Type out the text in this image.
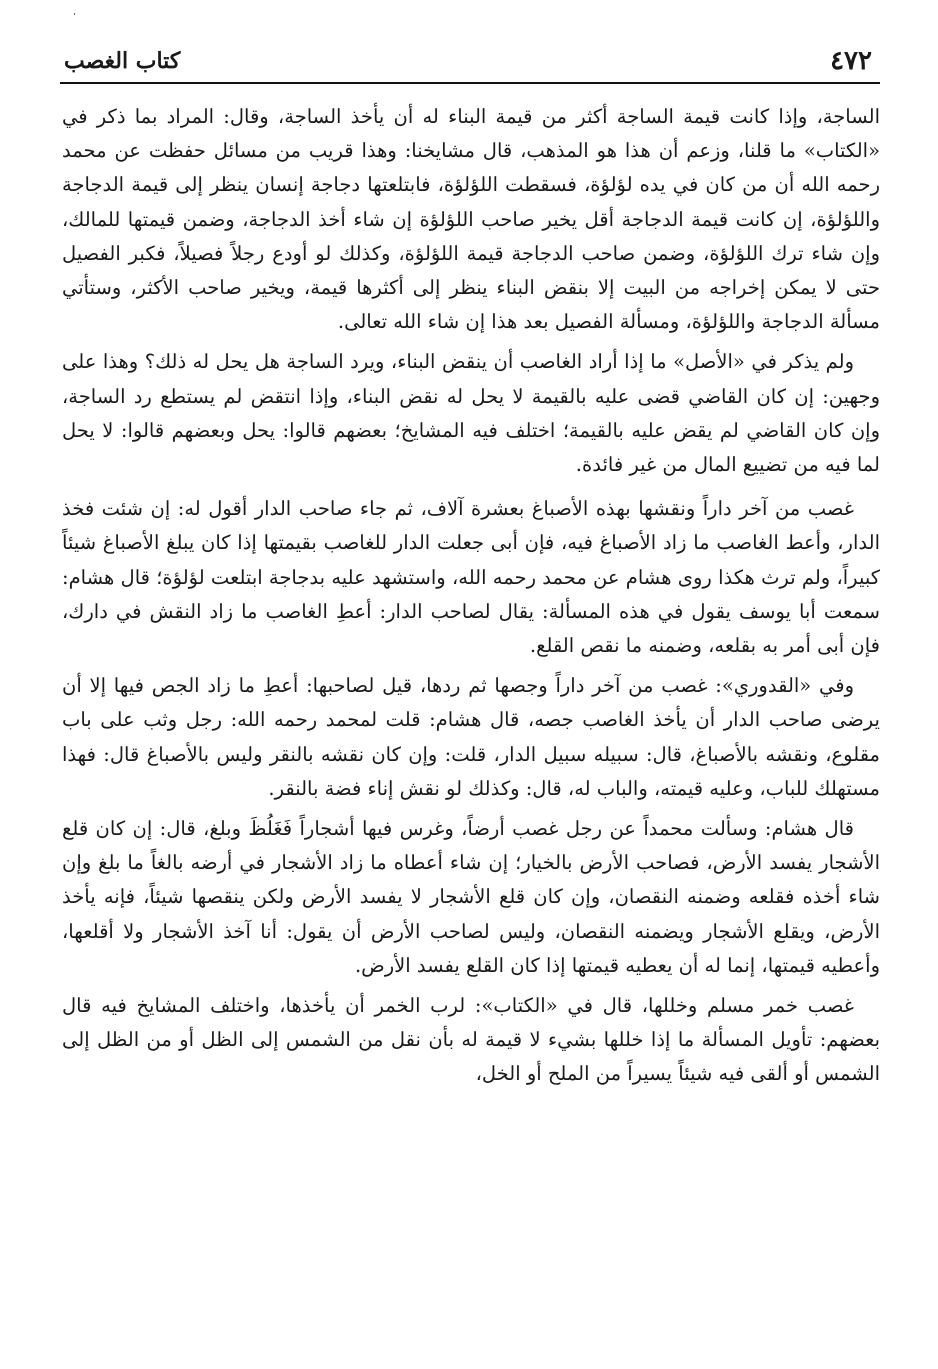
،
٤٧٢
كتاب الغصب

الساجة، وإذا كانت قيمة الساجة أكثر من قيمة البناء له أن يأخذ الساجة، وقال: المراد بما ذكر في «الكتاب» ما قلنا، وزعم أن هذا هو المذهب، قال مشايخنا: وهذا قريب من مسائل حفظت عن محمد رحمه الله أن من كان في يده لؤلؤة، فسقطت اللؤلؤة، فابتلعتها دجاجة إنسان ينظر إلى قيمة الدجاجة واللؤلؤة، إن كانت قيمة الدجاجة أقل يخير صاحب اللؤلؤة إن شاء أخذ الدجاجة، وضمن قيمتها للمالك، وإن شاء ترك اللؤلؤة، وضمن صاحب الدجاجة قيمة اللؤلؤة، وكذلك لو أودع رجلاً فصيلاً، فكبر الفصيل حتى لا يمكن إخراجه من البيت إلا بنقض البناء ينظر إلى أكثرها قيمة، ويخير صاحب الأكثر، وستأتي مسألة الدجاجة واللؤلؤة، ومسألة الفصيل بعد هذا إن شاء الله تعالى.

ولم يذكر في «الأصل» ما إذا أراد الغاصب أن ينقض البناء، ويرد الساجة هل يحل له ذلك؟ وهذا على وجهين: إن كان القاضي قضى عليه بالقيمة لا يحل له نقض البناء، وإذا انتقض لم يستطع رد الساجة، وإن كان القاضي لم يقض عليه بالقيمة؛ اختلف فيه المشايخ؛ بعضهم قالوا: يحل وبعضهم قالوا: لا يحل لما فيه من تضييع المال من غير فائدة.

غصب من آخر داراً ونقشها بهذه الأصباغ بعشرة آلاف، ثم جاء صاحب الدار أقول له: إن شئت فخذ الدار، وأعط الغاصب ما زاد الأصباغ فيه، فإن أبى جعلت الدار للغاصب بقيمتها إذا كان يبلغ الأصباغ شيئاً كبيراً، ولم ترث هكذا روى هشام عن محمد رحمه الله، واستشهد عليه بدجاجة ابتلعت لؤلؤة؛ قال هشام: سمعت أبا يوسف يقول في هذه المسألة: يقال لصاحب الدار: أعطِ الغاصب ما زاد النقش في دارك، فإن أبى أمر به بقلعه، وضمنه ما نقص القلع.

وفي «القدوري»: غصب من آخر داراً وجصها ثم ردها، قيل لصاحبها: أعطِ ما زاد الجص فيها إلا أن يرضى صاحب الدار أن يأخذ الغاصب جصه، قال هشام: قلت لمحمد رحمه الله: رجل وثب على باب مقلوع، ونقشه بالأصباغ، قال: سبيله سبيل الدار، قلت: وإن كان نقشه بالنقر وليس بالأصباغ قال: فهذا مستهلك للباب، وعليه قيمته، والباب له، قال: وكذلك لو نقش إناء فضة بالنقر.

قال هشام: وسألت محمداً عن رجل غصب أرضاً، وغرس فيها أشجاراً فَغَلُظَ وبلغ، قال: إن كان قلع الأشجار يفسد الأرض، فصاحب الأرض بالخيار؛ إن شاء أعطاه ما زاد الأشجار في أرضه بالغاً ما بلغ وإن شاء أخذه فقلعه وضمنه النقصان، وإن كان قلع الأشجار لا يفسد الأرض ولكن ينقصها شيئاً، فإنه يأخذ الأرض، ويقلع الأشجار ويضمنه النقصان، وليس لصاحب الأرض أن يقول: أنا آخذ الأشجار ولا أقلعها، وأعطيه قيمتها، إنما له أن يعطيه قيمتها إذا كان القلع يفسد الأرض.

غصب خمر مسلم وخللها، قال في «الكتاب»: لرب الخمر أن يأخذها، واختلف المشايخ فيه قال بعضهم: تأويل المسألة ما إذا خللها بشيء لا قيمة له بأن نقل من الشمس إلى الظل أو من الظل إلى الشمس أو ألقى فيه شيئاً يسيراً من الملح أو الخل،
